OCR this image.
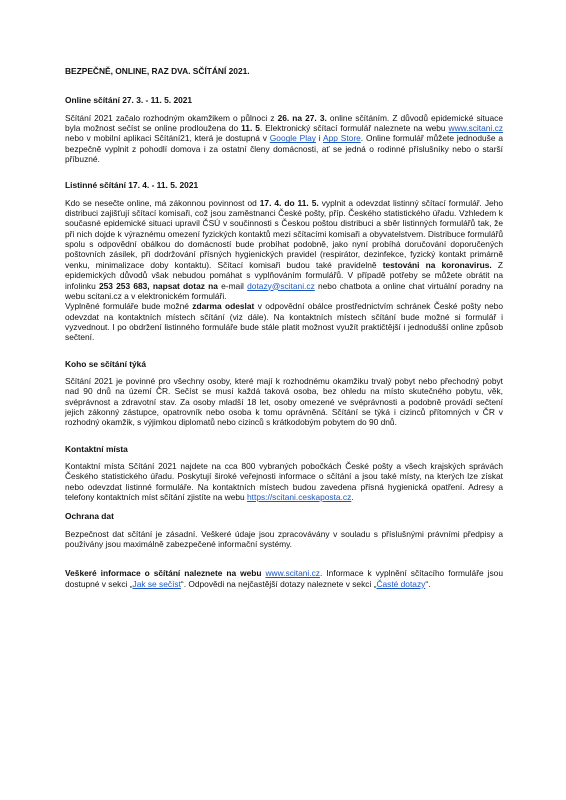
BEZPEČNĚ, ONLINE, RAZ DVA. SČÍTÁNÍ 2021.

Online sčítání 27. 3. - 11. 5. 2021

Sčítání 2021 začalo rozhodným okamžikem o půlnoci z 26. na 27. 3. online sčítáním. Z důvodů epidemické situace byla možnost sečíst se online prodloužena do 11. 5. Elektronický sčítací formulář naleznete na webu www.scitani.cz nebo v mobilní aplikaci Sčítání21, která je dostupná v Google Play i App Store. Online formulář můžete jednoduše a bezpečně vyplnit z pohodlí domova i za ostatní členy domácnosti, ať se jedná o rodinné příslušníky nebo o starší příbuzné.

Listinné sčítání 17. 4. - 11. 5. 2021

Kdo se nesečte online, má zákonnou povinnost od 17. 4. do 11. 5. vyplnit a odevzdat listinný sčítací formulář. Jeho distribuci zajišťují sčítací komisaři, což jsou zaměstnanci České pošty, příp. Českého statistického úřadu. Vzhledem k současné epidemické situaci upravil ČSÚ v součinnosti s Českou poštou distribuci a sběr listinných formulářů tak, že při nich dojde k výraznému omezení fyzických kontaktů mezi sčítacími komisaři a obyvatelstvem. Distribuce formulářů spolu s odpovědní obálkou do domácností bude probíhat podobně, jako nyní probíhá doručování doporučených poštovních zásilek, při dodržování přísných hygienických pravidel (respirátor, dezinfekce, fyzický kontakt primárně venku, minimalizace doby kontaktu). Sčítací komisaři budou také pravidelně testováni na koronavirus. Z epidemických důvodů však nebudou pomáhat s vyplňováním formulářů. V případě potřeby se můžete obrátit na infolinku 253 253 683, napsat dotaz na e-mail dotazy@scitani.cz nebo chatbota a online chat virtuální poradny na webu scitani.cz a v elektronickém formuláři.

Vyplněné formuláře bude možné zdarma odeslat v odpovědní obálce prostřednictvím schránek České pošty nebo odevzdat na kontaktních místech sčítání (viz dále). Na kontaktních místech sčítání bude možné si formulář i vyzvednout. I po obdržení listinného formuláře bude stále platit možnost využít praktičtější i jednodušší online způsob sečtení.

Koho se sčítání týká

Sčítání 2021 je povinné pro všechny osoby, které mají k rozhodnému okamžiku trvalý pobyt nebo přechodný pobyt nad 90 dnů na území ČR. Sečíst se musí každá taková osoba, bez ohledu na místo skutečného pobytu, věk, svéprávnost a zdravotní stav. Za osoby mladší 18 let, osoby omezené ve svéprávnosti a podobně provádí sečtení jejich zákonný zástupce, opatrovník nebo osoba k tomu oprávněná. Sčítání se týká i cizinců přítomných v ČR v rozhodný okamžik, s výjimkou diplomatů nebo cizinců s krátkodobým pobytem do 90 dnů.

Kontaktní místa

Kontaktní místa Sčítání 2021 najdete na cca 800 vybraných pobočkách České pošty a všech krajských správách Českého statistického úřadu. Poskytují široké veřejnosti informace o sčítání a jsou také místy, na kterých lze získat nebo odevzdat listinné formuláře. Na kontaktních místech budou zavedena přísná hygienická opatření. Adresy a telefony kontaktních míst sčítání zjistíte na webu https://scitani.ceskaposta.cz.

Ochrana dat

Bezpečnost dat sčítání je zásadní. Veškeré údaje jsou zpracovávány v souladu s příslušnými právními předpisy a používány jsou maximálně zabezpečené informační systémy.

Veškeré informace o sčítání naleznete na webu www.scitani.cz. Informace k vyplnění sčítacího formuláře jsou dostupné v sekci „Jak se sečíst“. Odpovědi na nejčastější dotazy naleznete v sekci „Časté dotazy“.
